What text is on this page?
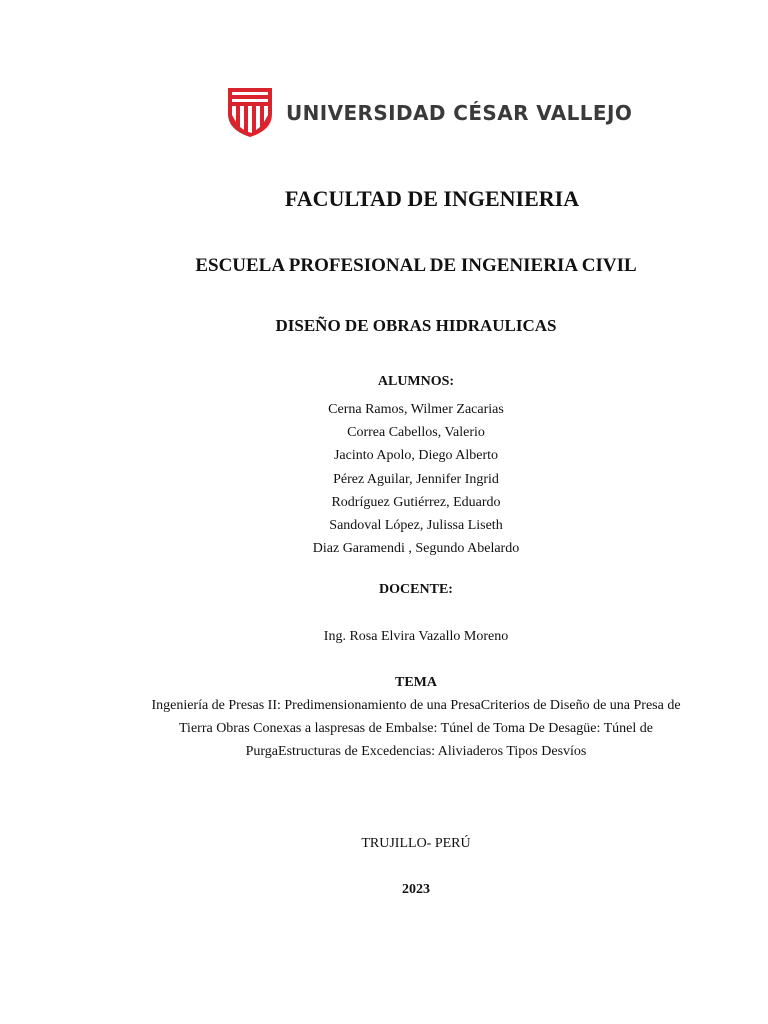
UNIVERSIDAD CÉSAR VALLEJO

FACULTAD DE INGENIERIA

ESCUELA PROFESIONAL DE INGENIERIA CIVIL

DISEÑO DE OBRAS HIDRAULICAS

ALUMNOS:

Cerna Ramos, Wilmer Zacarias
Correa Cabellos, Valerio
Jacinto Apolo, Diego Alberto
Pérez Aguilar, Jennifer Ingrid
Rodríguez Gutiérrez, Eduardo
Sandoval López, Julissa Liseth
Diaz Garamendi , Segundo Abelardo

DOCENTE:

Ing. Rosa Elvira Vazallo Moreno

TEMA

Ingeniería de Presas II: Predimensionamiento de una PresaCriterios de Diseño de una Presa de Tierra Obras Conexas a laspresas de Embalse: Túnel de Toma De Desagüe: Túnel de PurgaEstructuras de Excedencias: Aliviaderos Tipos Desvíos

TRUJILLO- PERÚ

2023
